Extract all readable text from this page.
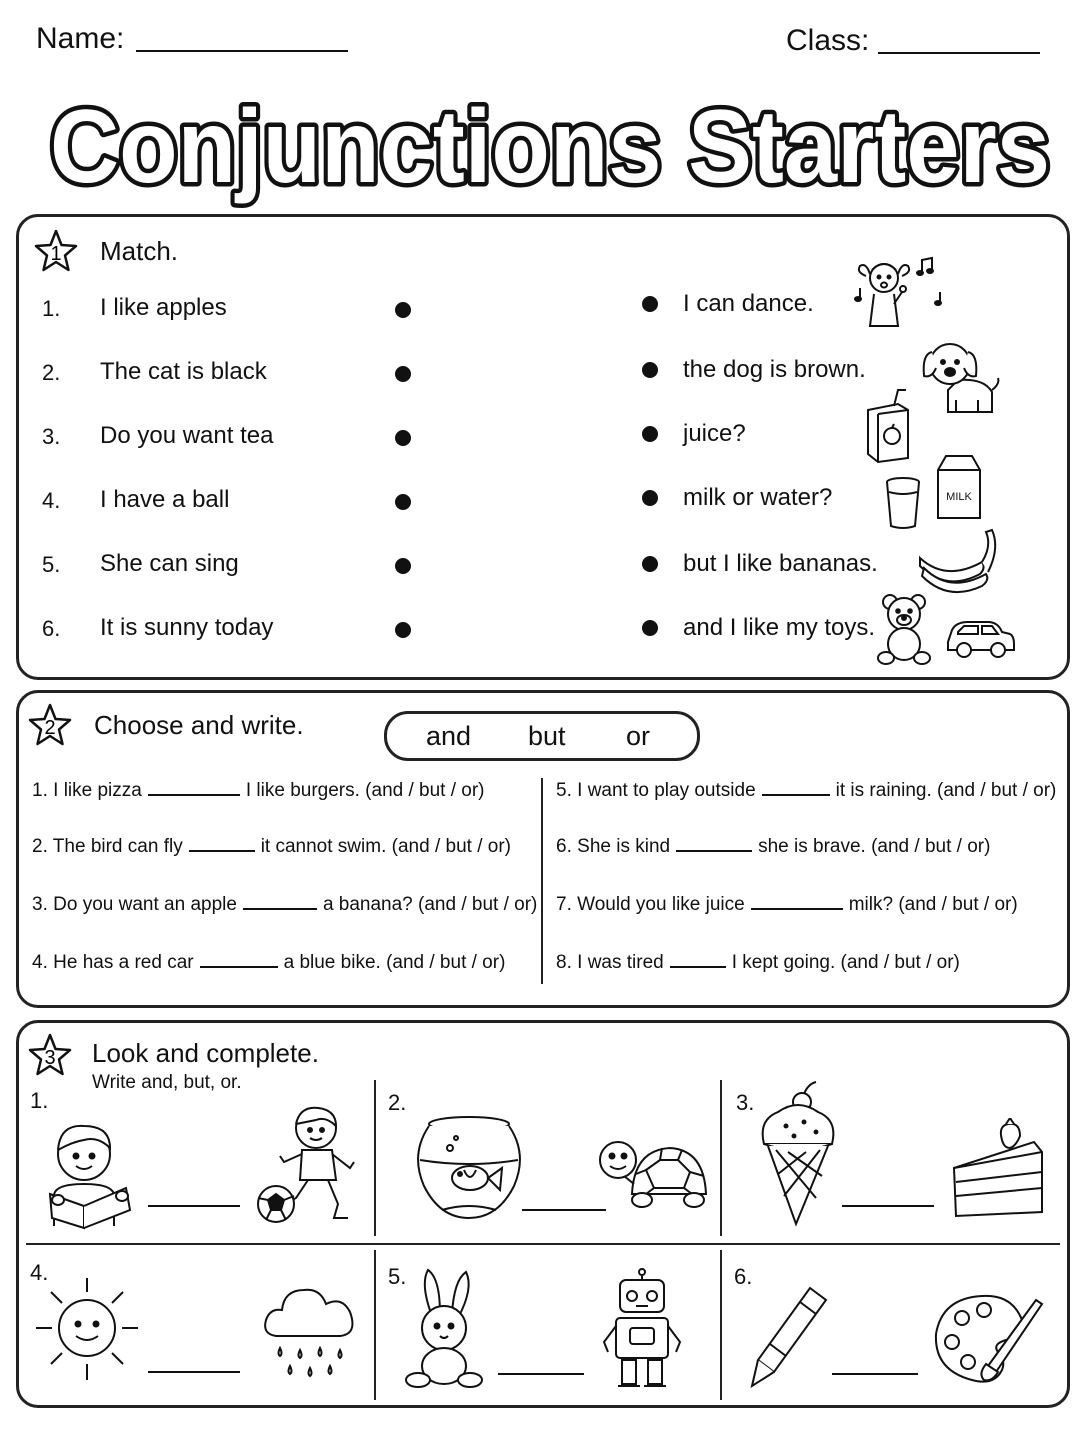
Name:	Class:
Conjunctions Starters
1 Match.
1. I like apples
2. The cat is black
3. Do you want tea
4. I have a ball
5. She can sing
6. It is sunny today
I can dance.
the dog is brown.
juice?
milk or water?
but I like bananas.
and I like my toys.
MILK
2 Choose and write.	and but or
1. I like pizza	I like burgers. (and / but / or)
2. The bird can fly	it cannot swim. (and / but / or)
3. Do you want an apple	a banana? (and / but / or)
4. He has a red car	a blue bike. (and / but / or)
5. I want to play outside	it is raining. (and / but / or)
6. She is kind	she is brave. (and / but / or)
7. Would you like juice	milk? (and / but / or)
8. I was tired	I kept going. (and / but / or)
3 Look and complete.
Write and, but, or.
1.	2.	3.
4.	5.	6.
